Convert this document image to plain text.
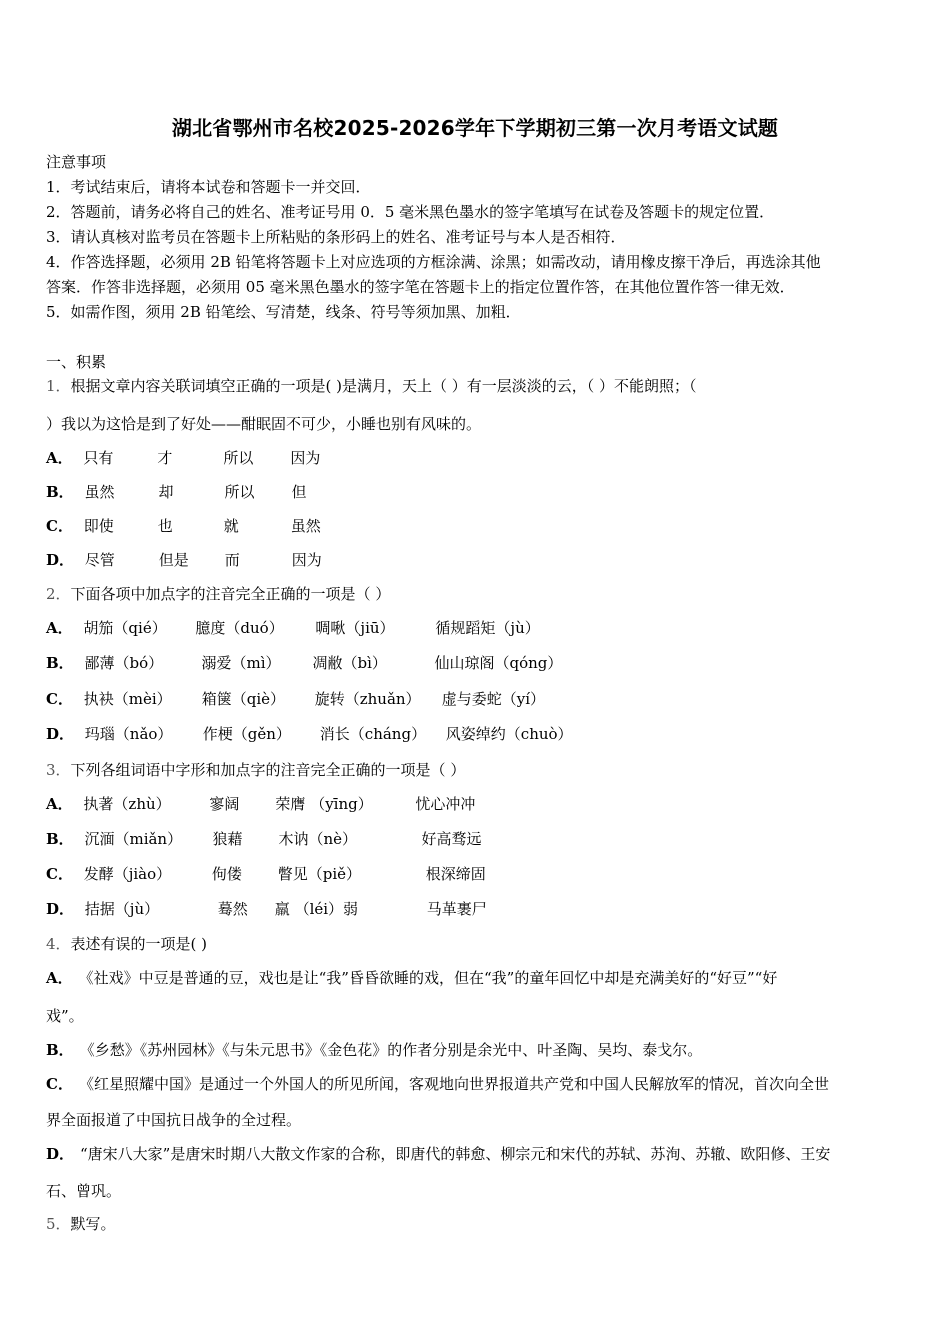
湖北省鄂州市名校2025-2026学年下学期初三第一次月考语文试题
注意事项
1．考试结束后，请将本试卷和答题卡一并交回．
2．答题前，请务必将自己的姓名、准考证号用 0．5 毫米黑色墨水的签字笔填写在试卷及答题卡的规定位置．
3．请认真核对监考员在答题卡上所粘贴的条形码上的姓名、准考证号与本人是否相符．
4．作答选择题，必须用 2B 铅笔将答题卡上对应选项的方框涂满、涂黑；如需改动，请用橡皮擦干净后，再选涂其他
答案．作答非选择题，必须用 05 毫米黑色墨水的签字笔在答题卡上的指定位置作答，在其他位置作答一律无效．
5．如需作图，须用 2B 铅笔绘、写清楚，线条、符号等须加黑、加粗．
一、积累
1．根据文章内容关联词填空正确的一项是( )是满月，天上（ ）有一层淡淡的云，（ ）不能朗照；（
）我以为这恰是到了好处——酣眠固不可少，小睡也别有风味的。
A． 只有	才	所以 因为
B． 虽然	却	所以 但
C． 即使	也	就	虽然
D． 尽管	但是 而	因为
2．下面各项中加点字的注音完全正确的一项是（ ）
A． 胡笳（qié） 臆度（duó） 啁啾（jiū）	循规蹈矩（jù）
B． 鄙薄（bó）	溺爱（mì） 凋敝（bì）	仙山琼阁（qóng）
C． 执袂（mèi） 箱箧（qiè） 旋转（zhuǎn） 虚与委蛇（yí）
D． 玛瑙（nǎo） 作梗（gěn） 消长（cháng） 风姿绰约（chuò）
3．下列各组词语中字形和加点字的注音完全正确的一项是（ ）
A． 执著（zhù）	寥阔 荣膺 （yīng）	忧心冲冲
B． 沉湎（miǎn） 狼藉 木讷（nè）	好高骛远
C． 发酵（jiào）	佝偻 瞥见（piě）	根深缔固
D． 拮据（jù）	蓦然 羸 （léi）弱	马革裹尸
4．表述有误的一项是( )
A． 《社戏》中豆是普通的豆，戏也是让“我”昏昏欲睡的戏，但在“我”的童年回忆中却是充满美好的“好豆”“好
戏”。
B． 《乡愁》《苏州园林》《与朱元思书》《金色花》的作者分别是余光中、叶圣陶、吴均、泰戈尔。
C． 《红星照耀中国》是通过一个外国人的所见所闻，客观地向世界报道共产党和中国人民解放军的情况，首次向全世
界全面报道了中国抗日战争的全过程。
D． “唐宋八大家”是唐宋时期八大散文作家的合称，即唐代的韩愈、柳宗元和宋代的苏轼、苏洵、苏辙、欧阳修、王安
石、曾巩。
5．默写。
